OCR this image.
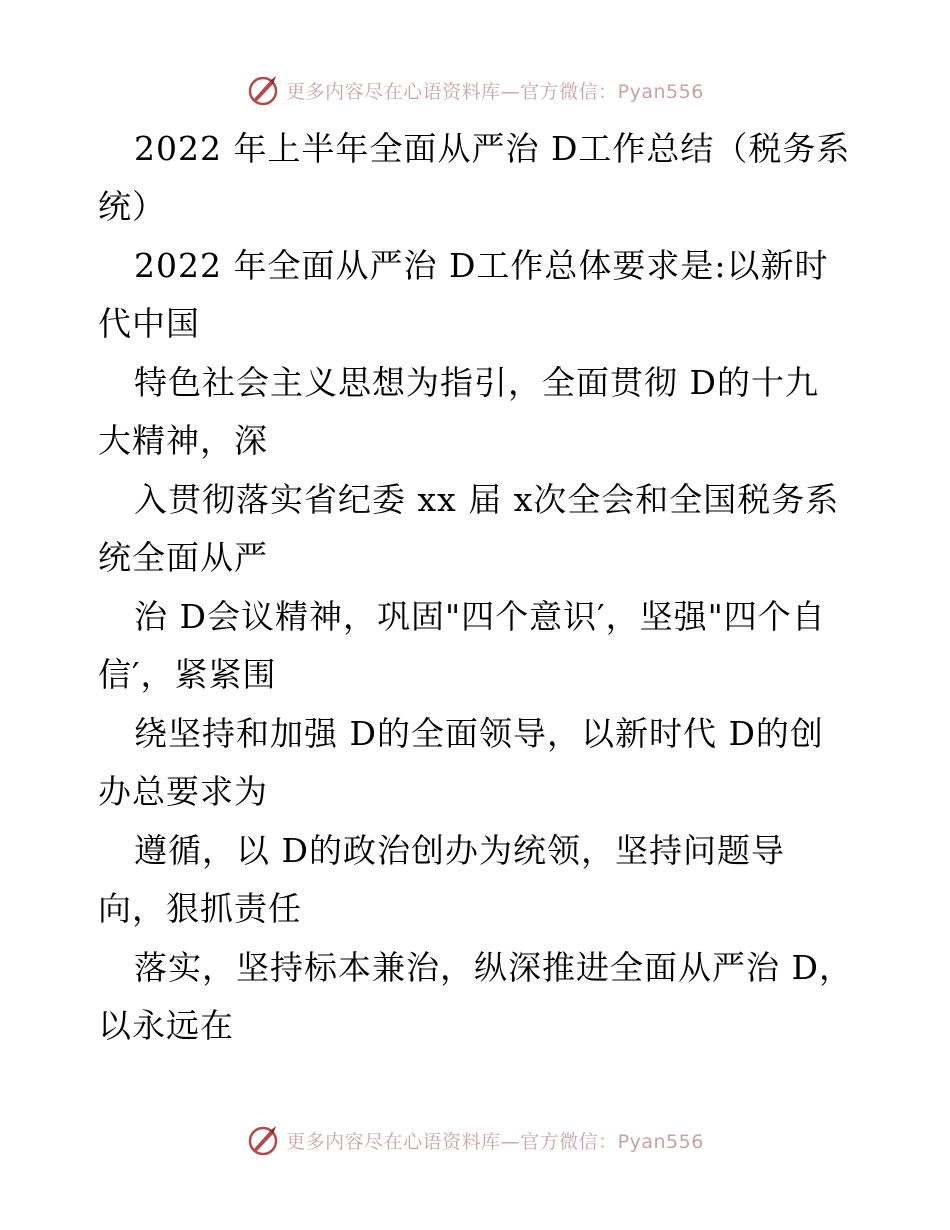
更多内容尽在心语资料库—官方微信：Pyan556
2022 年上半年全面从严治 D工作总结（税务系
统）
2022 年全面从严治 D工作总体要求是:以新时
代中国
特色社会主义思想为指引，全面贯彻 D的十九
大精神，深
入贯彻落实省纪委 xx 届 x次全会和全国税务系
统全面从严
治 D会议精神，巩固"四个意识′，坚强"四个自
信′，紧紧围
绕坚持和加强 D的全面领导，以新时代 D的创
办总要求为
遵循，以 D的政治创办为统领，坚持问题导
向，狠抓责任
落实，坚持标本兼治，纵深推进全面从严治 D，
以永远在
更多内容尽在心语资料库—官方微信：Pyan556
